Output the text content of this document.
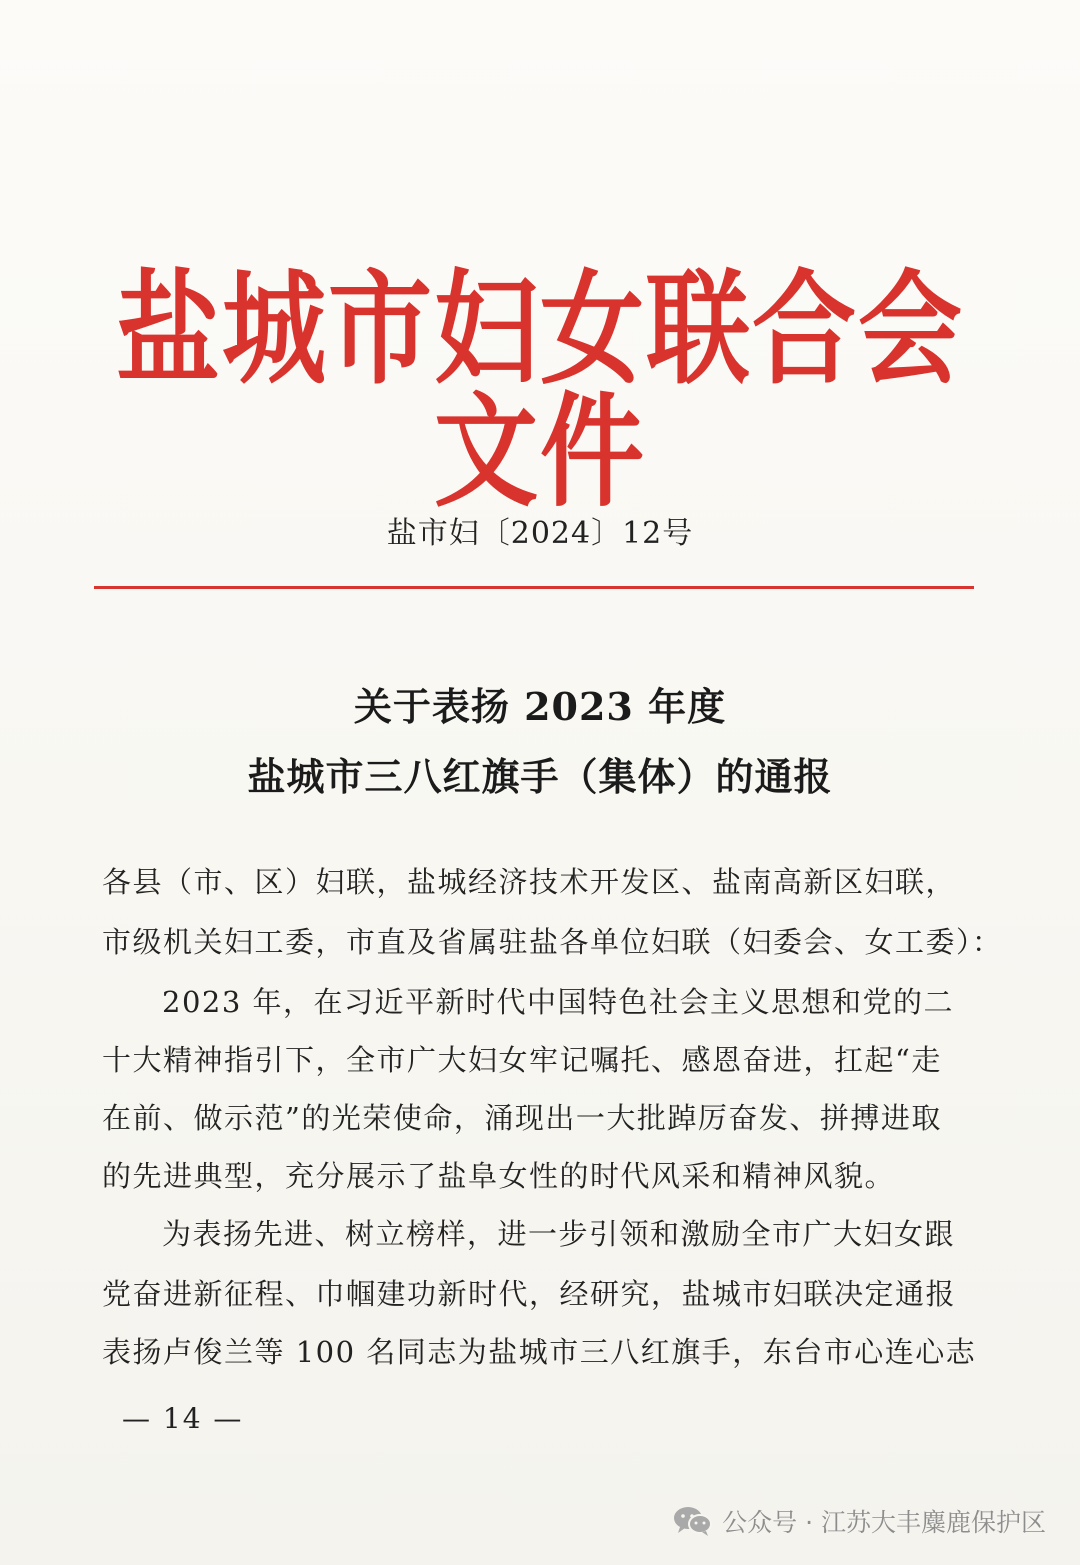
盐城市妇女联合会文件
盐市妇〔2024〕12号
关于表扬 2023 年度
盐城市三八红旗手（集体）的通报
各县（市、区）妇联，盐城经济技术开发区、盐南高新区妇联，
市级机关妇工委，市直及省属驻盐各单位妇联（妇委会、女工委）：
2023 年，在习近平新时代中国特色社会主义思想和党的二
十大精神指引下，全市广大妇女牢记嘱托、感恩奋进，扛起“走
在前、做示范”的光荣使命，涌现出一大批踔厉奋发、拼搏进取
的先进典型，充分展示了盐阜女性的时代风采和精神风貌。
为表扬先进、树立榜样，进一步引领和激励全市广大妇女跟
党奋进新征程、巾帼建功新时代，经研究，盐城市妇联决定通报
表扬卢俊兰等 100 名同志为盐城市三八红旗手，东台市心连心志
— 14 —
公众号 · 江苏大丰麋鹿保护区
